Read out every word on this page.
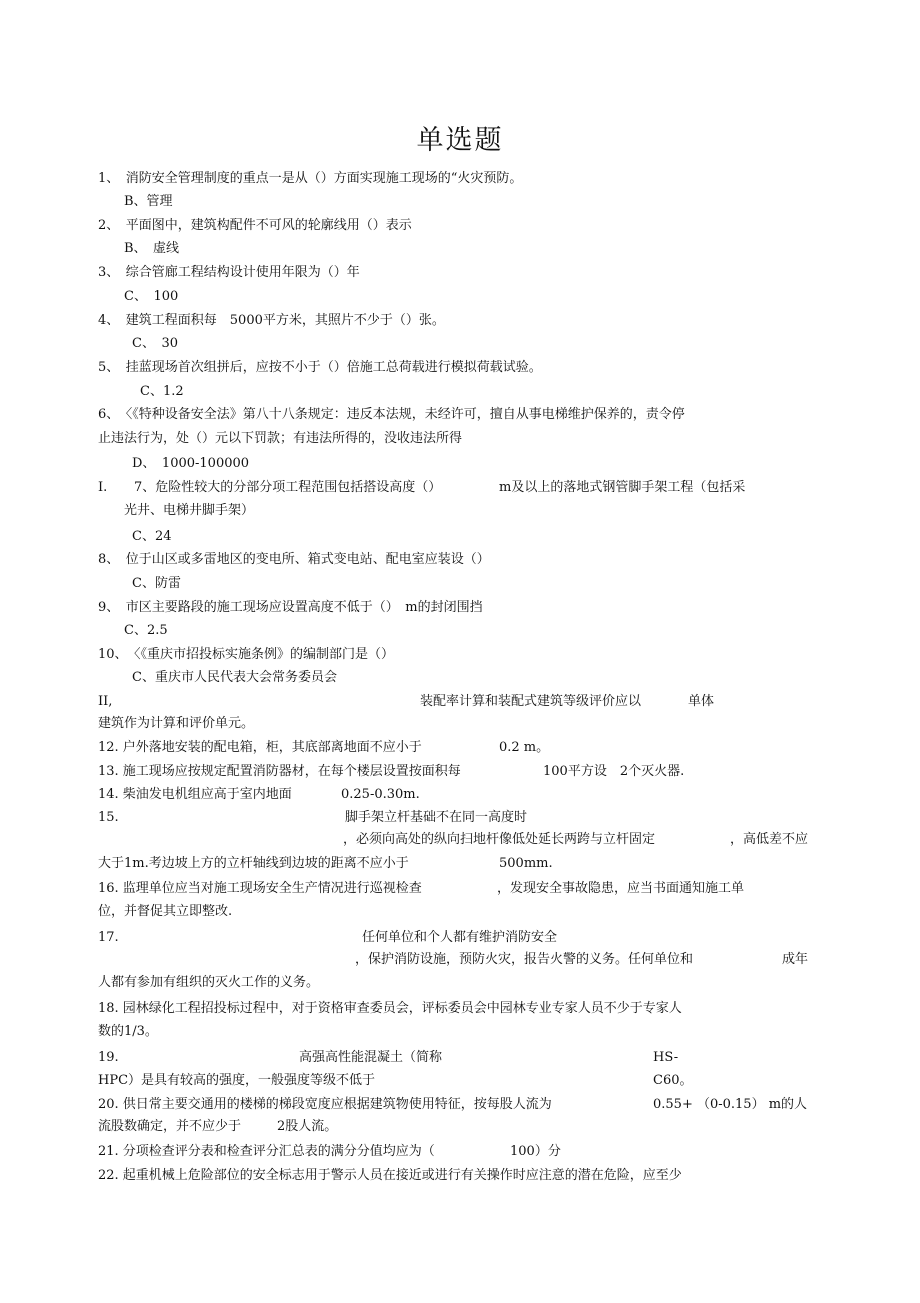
单选题
1、　消防安全管理制度的重点一是从（）方面实现施工现场的“火灾预防。
B、管理
2、　平面图中，建筑构配件不可风的轮廓线用（）表示
B、　虚线
3、　综合管廊工程结构设计使用年限为（）年
C、　100
4、　建筑工程面积每　5000平方米，其照片不少于（）张。
C、　30
5、　挂蓝现场首次组拼后，应按不小于（）倍施工总荷载进行模拟荷载试验。
C、1.2
6、　〈《特种设备安全法》第八十八条规定：违反本法规，未经许可，擅自从事电梯维护保养的，责令停
止违法行为，处（）元以下罚款；有违法所得的，没收违法所得
D、　1000-100000
I. 7、危险性较大的分部分项工程范围包括搭设高度（）	m及以上的落地式钢管脚手架工程（包括采
光井、电梯井脚手架）
C、24
8、　位于山区或多雷地区的变电所、箱式变电站、配电室应装设（）
C、防雷
9、　市区主要路段的施工现场应设置高度不低于（）　m的封闭围挡
C、2.5
10、　〈《重庆市招投标实施条例》的编制部门是（）
C、重庆市人民代表大会常务委员会
II,	装配率计算和装配式建筑等级评价应以	单体
建筑作为计算和评价单元。
12. 户外落地安装的配电箱，柜，其底部离地面不应小于	0.2 m。
13. 施工现场应按规定配置消防器材，在每个楼层设置按面积每	100平方设　2个灭火器.
14. 柴油发电机组应高于室内地面	0.25-0.30m.
15.	脚手架立杆基础不在同一高度时
，必须向高处的纵向扫地杆像低处延长两跨与立杆固定	，高低差不应
大于1m.考边坡上方的立杆轴线到边坡的距离不应小于	500mm.
16. 监理单位应当对施工现场安全生产情况进行巡视检查	，发现安全事故隐患，应当书面通知施工单
位，并督促其立即整改.
17.	任何单位和个人都有维护消防安全
，保护消防设施，预防火灾，报告火警的义务。任何单位和	成年
人都有参加有组织的灭火工作的义务。
18. 园林绿化工程招投标过程中，对于资格审查委员会，评标委员会中园林专业专家人员不少于专家人
数的1/3。
19.	高强高性能混凝土（简称	HS-
HPC）是具有较高的强度，一般强度等级不低于	C60。
20. 供日常主要交通用的楼梯的梯段宽度应根据建筑物使用特征，按每股人流为	0.55+ （0-0.15） m的人
流股数确定，并不应少于	2股人流。
21. 分项检查评分表和检查评分汇总表的满分分值均应为（	100）分
22. 起重机械上危险部位的安全标志用于警示人员在接近或进行有关操作时应注意的潜在危险，应至少
